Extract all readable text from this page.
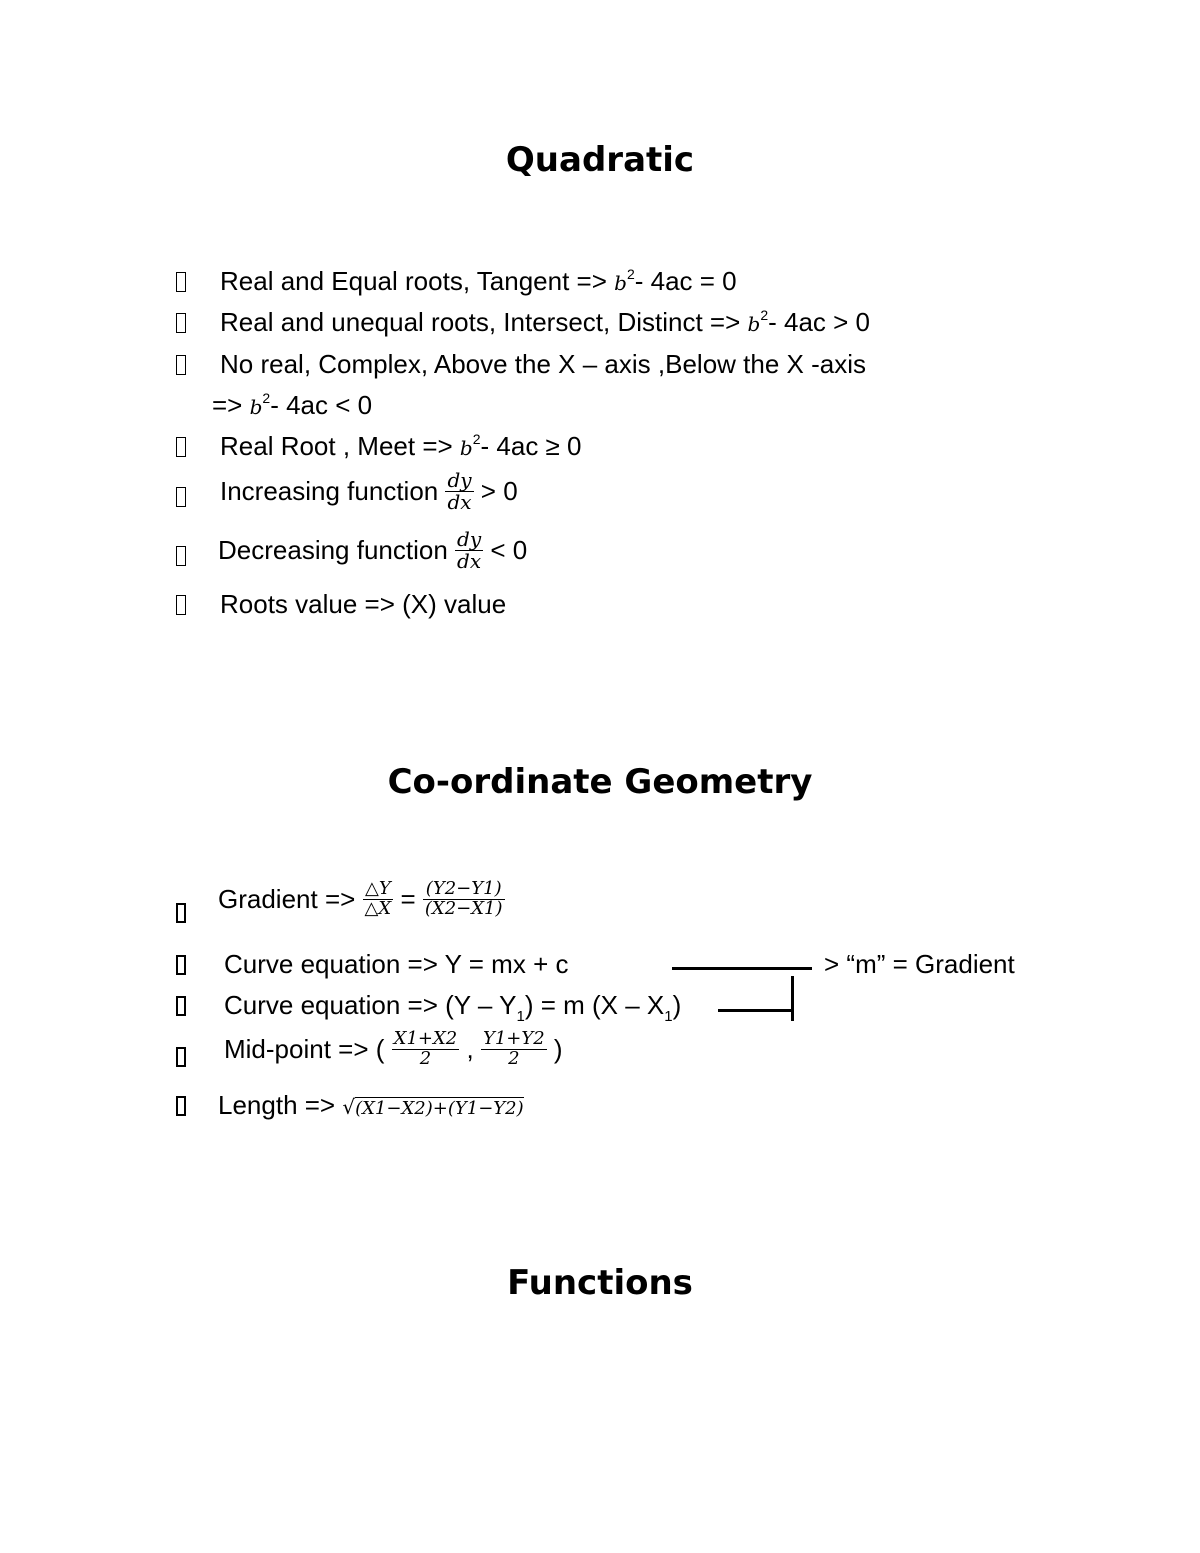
Quadratic
Real and Equal roots, Tangent => $b^2-$ 4ac = 0
Real and unequal roots, Intersect, Distinct => $b^2-$ 4ac > 0
No real, Complex, Above the X – axis ,Below the X -axis
=> $b^2-$ 4ac < 0
Real Root , Meet => $b^2-$ 4ac ≥ 0
Increasing function $\frac{dy}{dx} > 0$
Decreasing function $\frac{dy}{dx} < 0$
Roots value => (X) value
Co-ordinate Geometry
Gradient => $\frac{\triangle Y}{\triangle X} = \frac{(Y2-Y1)}{(X2-X1)}$
Curve equation => Y = mx + c	> “m” = Gradient
Curve equation => $(Y - Y_1) = m$ $(X - X_1)$
Mid-point => ( $\frac{X1+X2}{2}$ , $\frac{Y1+Y2}{2}$ )
Length => √(X1−X2)+(Y1−Y2)
Functions
